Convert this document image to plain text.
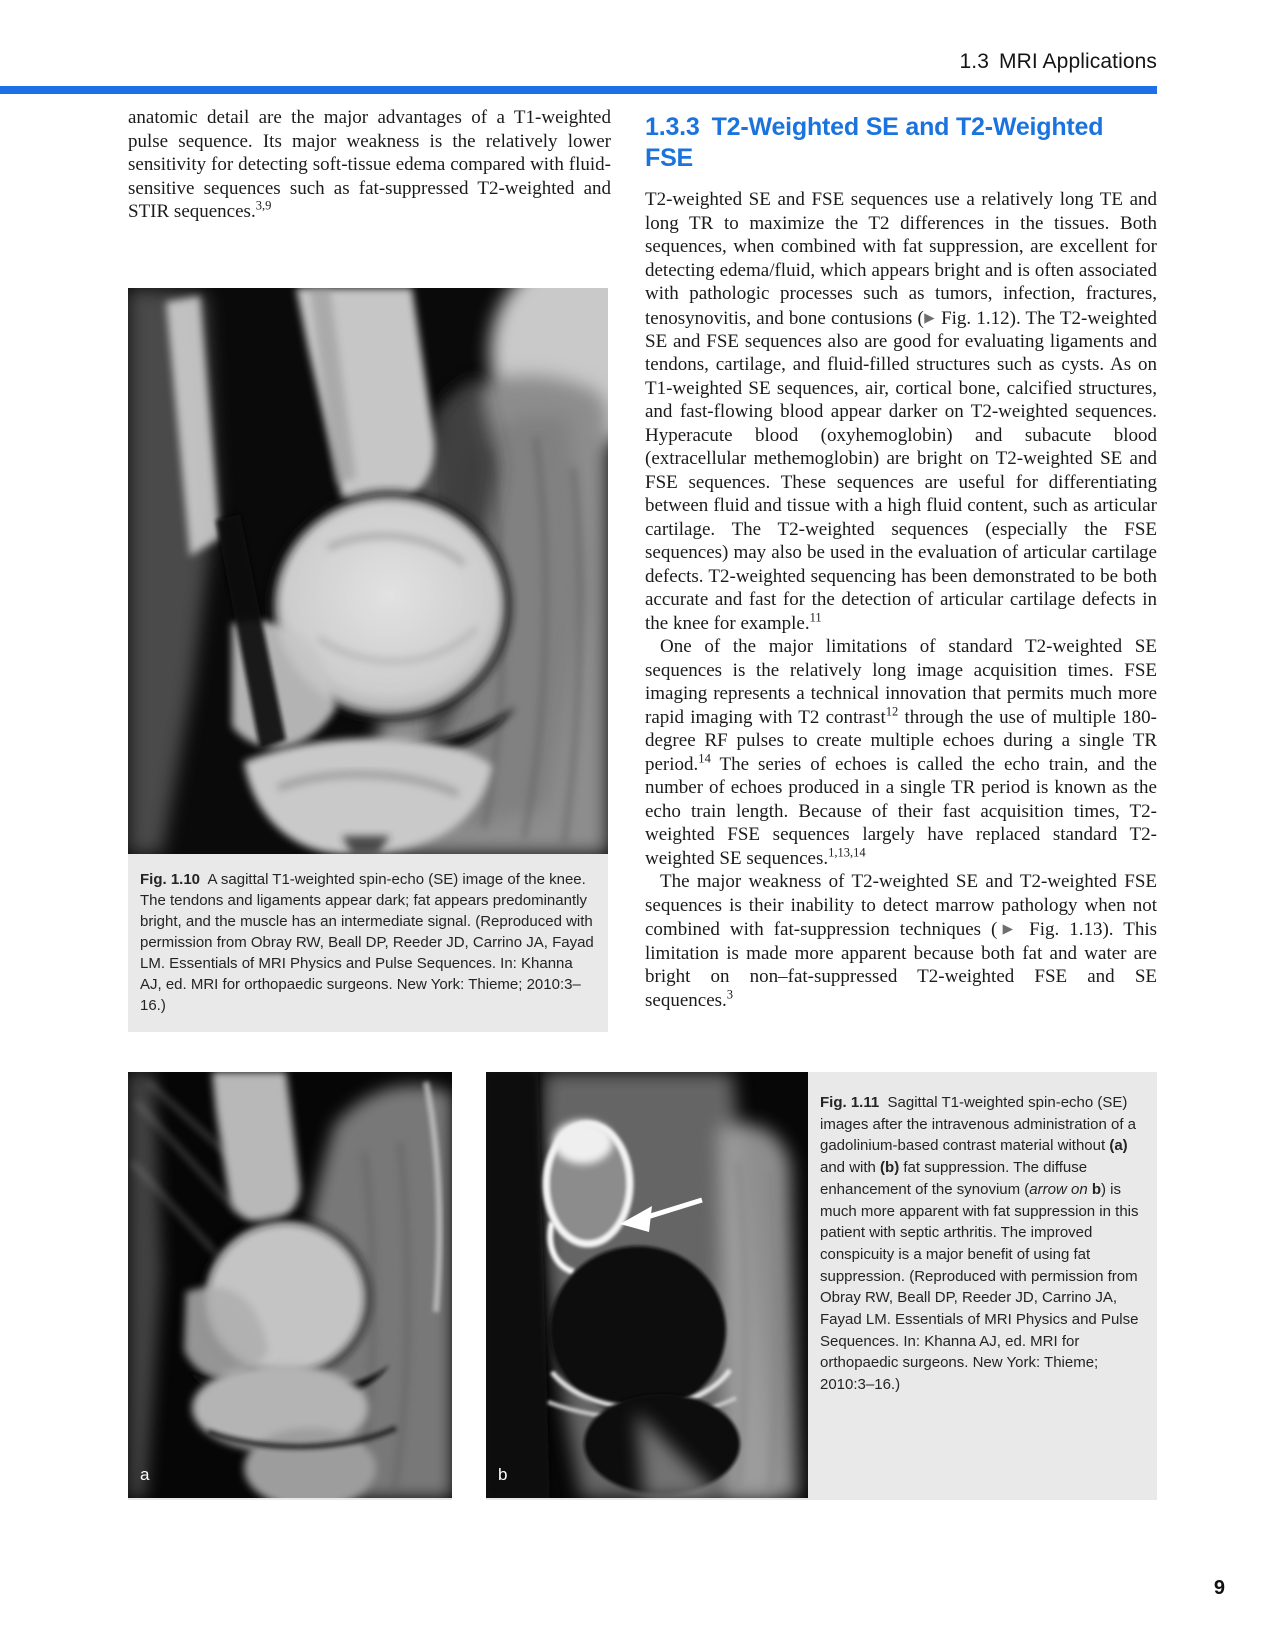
1.3 MRI Applications

anatomic detail are the major advantages of a T1-weighted pulse sequence. Its major weakness is the relatively lower sensitivity for detecting soft-tissue edema compared with fluid-sensitive sequences such as fat-suppressed T2-weighted and STIR sequences.$^{3,9}$

Fig. 1.10  A sagittal T1-weighted spin-echo (SE) image of the knee. The tendons and ligaments appear dark; fat appears predominantly bright, and the muscle has an intermediate signal. (Reproduced with permission from Obray RW, Beall DP, Reeder JD, Carrino JA, Fayad LM. Essentials of MRI Physics and Pulse Sequences. In: Khanna AJ, ed. MRI for orthopaedic surgeons. New York: Thieme; 2010:3–16.)
1.3.3 T2-Weighted SE and T2-Weighted FSE

T2-weighted SE and FSE sequences use a relatively long TE and long TR to maximize the T2 differences in the tissues. Both sequences, when combined with fat suppression, are excellent for detecting edema/fluid, which appears bright and is often associated with pathologic processes such as tumors, infection, fractures, tenosynovitis, and bone contusions (▶ Fig. 1.12). The T2-weighted SE and FSE sequences also are good for evaluating ligaments and tendons, cartilage, and fluid-filled structures such as cysts. As on T1-weighted SE sequences, air, cortical bone, calcified structures, and fast-flowing blood appear darker on T2-weighted sequences. Hyperacute blood (oxyhemoglobin) and subacute blood (extracellular methemoglobin) are bright on T2-weighted SE and FSE sequences. These sequences are useful for differentiating between fluid and tissue with a high fluid content, such as articular cartilage. The T2-weighted sequences (especially the FSE sequences) may also be used in the evaluation of articular cartilage defects. T2-weighted sequencing has been demonstrated to be both accurate and fast for the detection of articular cartilage defects in the knee for example.$^{11}$

One of the major limitations of standard T2-weighted SE sequences is the relatively long image acquisition times. FSE imaging represents a technical innovation that permits much more rapid imaging with T2 contrast$^{12}$ through the use of multiple 180-degree RF pulses to create multiple echoes during a single TR period.$^{14}$ The series of echoes is called the echo train, and the number of echoes produced in a single TR period is known as the echo train length. Because of their fast acquisition times, T2-weighted FSE sequences largely have replaced standard T2-weighted SE sequences.$^{1,13,14}$

The major weakness of T2-weighted SE and T2-weighted FSE sequences is their inability to detect marrow pathology when not combined with fat-suppression techniques (▶ Fig. 1.13). This limitation is made more apparent because both fat and water are bright on non–fat-suppressed T2-weighted FSE and SE sequences.$^3$

a	b
Fig. 1.11  Sagittal T1-weighted spin-echo (SE) images after the intravenous administration of a gadolinium-based contrast material without (a) and with (b) fat suppression. The diffuse enhancement of the synovium (arrow on b) is much more apparent with fat suppression in this patient with septic arthritis. The improved conspicuity is a major benefit of using fat suppression. (Reproduced with permission from Obray RW, Beall DP, Reeder JD, Carrino JA, Fayad LM. Essentials of MRI Physics and Pulse Sequences. In: Khanna AJ, ed. MRI for orthopaedic surgeons. New York: Thieme; 2010:3–16.)
9
